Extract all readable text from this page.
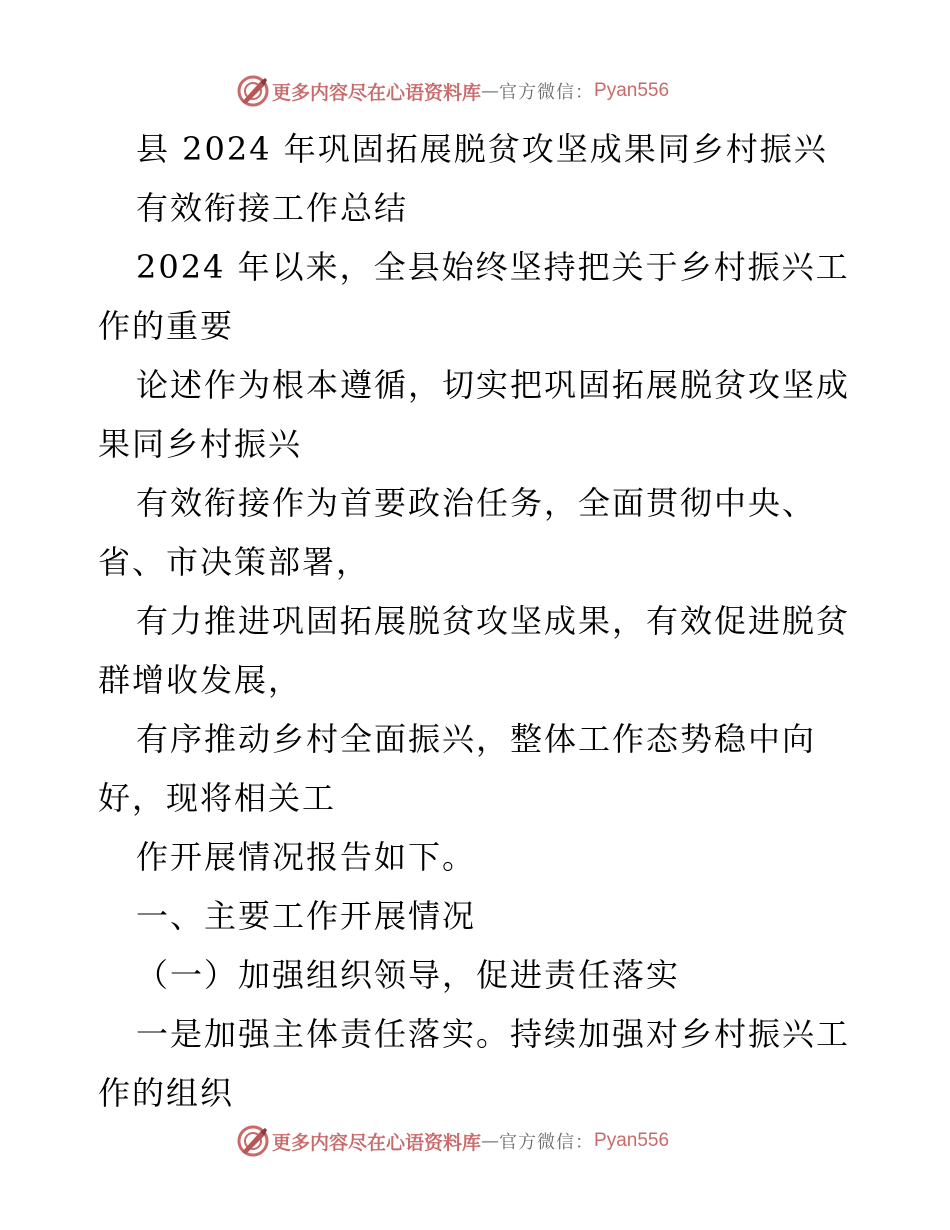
更多内容尽在心语资料库 — 官方微信： Pyan556
县 2024 年巩固拓展脱贫攻坚成果同乡村振兴
有效衔接工作总结
2024 年以来，全县始终坚持把关于乡村振兴工
作的重要
论述作为根本遵循，切实把巩固拓展脱贫攻坚成
果同乡村振兴
有效衔接作为首要政治任务，全面贯彻中央、
省、市决策部署，
有力推进巩固拓展脱贫攻坚成果，有效促进脱贫
群增收发展，
有序推动乡村全面振兴，整体工作态势稳中向
好，现将相关工
作开展情况报告如下。
一、主要工作开展情况
（一）加强组织领导，促进责任落实
一是加强主体责任落实。持续加强对乡村振兴工
作的组织
更多内容尽在心语资料库 — 官方微信： Pyan556
